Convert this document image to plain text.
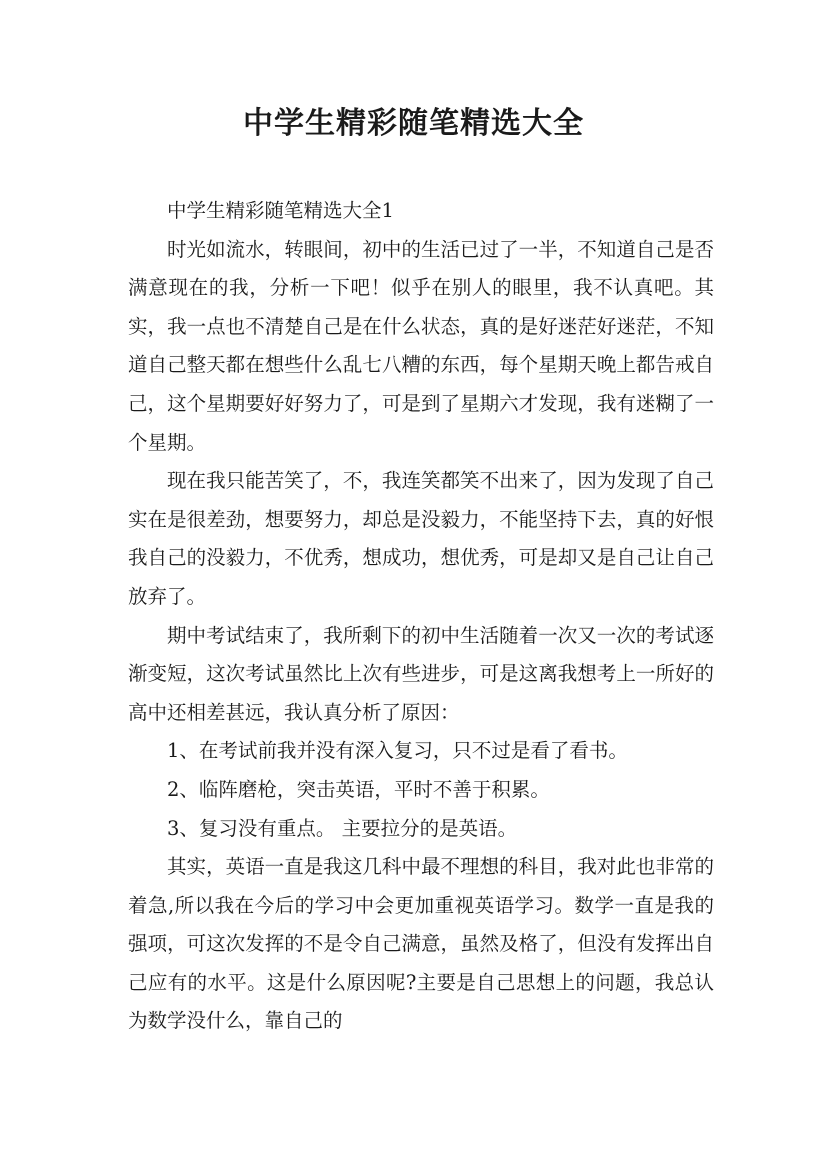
中学生精彩随笔精选大全

中学生精彩随笔精选大全1

时光如流水，转眼间，初中的生活已过了一半，不知道自己是否满意现在的我，分析一下吧！似乎在别人的眼里，我不认真吧。其实，我一点也不清楚自己是在什么状态，真的是好迷茫好迷茫，不知道自己整天都在想些什么乱七八糟的东西，每个星期天晚上都告戒自己，这个星期要好好努力了，可是到了星期六才发现，我有迷糊了一个星期。

现在我只能苦笑了，不，我连笑都笑不出来了，因为发现了自己实在是很差劲，想要努力，却总是没毅力，不能坚持下去，真的好恨我自己的没毅力，不优秀，想成功，想优秀，可是却又是自己让自己放弃了。

期中考试结束了，我所剩下的初中生活随着一次又一次的考试逐渐变短，这次考试虽然比上次有些进步，可是这离我想考上一所好的高中还相差甚远，我认真分析了原因：

1、在考试前我并没有深入复习，只不过是看了看书。

2、临阵磨枪，突击英语，平时不善于积累。

3、复习没有重点。 主要拉分的是英语。

其实，英语一直是我这几科中最不理想的科目，我对此也非常的着急,所以我在今后的学习中会更加重视英语学习。数学一直是我的强项，可这次发挥的不是令自己满意，虽然及格了，但没有发挥出自己应有的水平。这是什么原因呢?主要是自己思想上的问题，我总认为数学没什么，靠自己的
